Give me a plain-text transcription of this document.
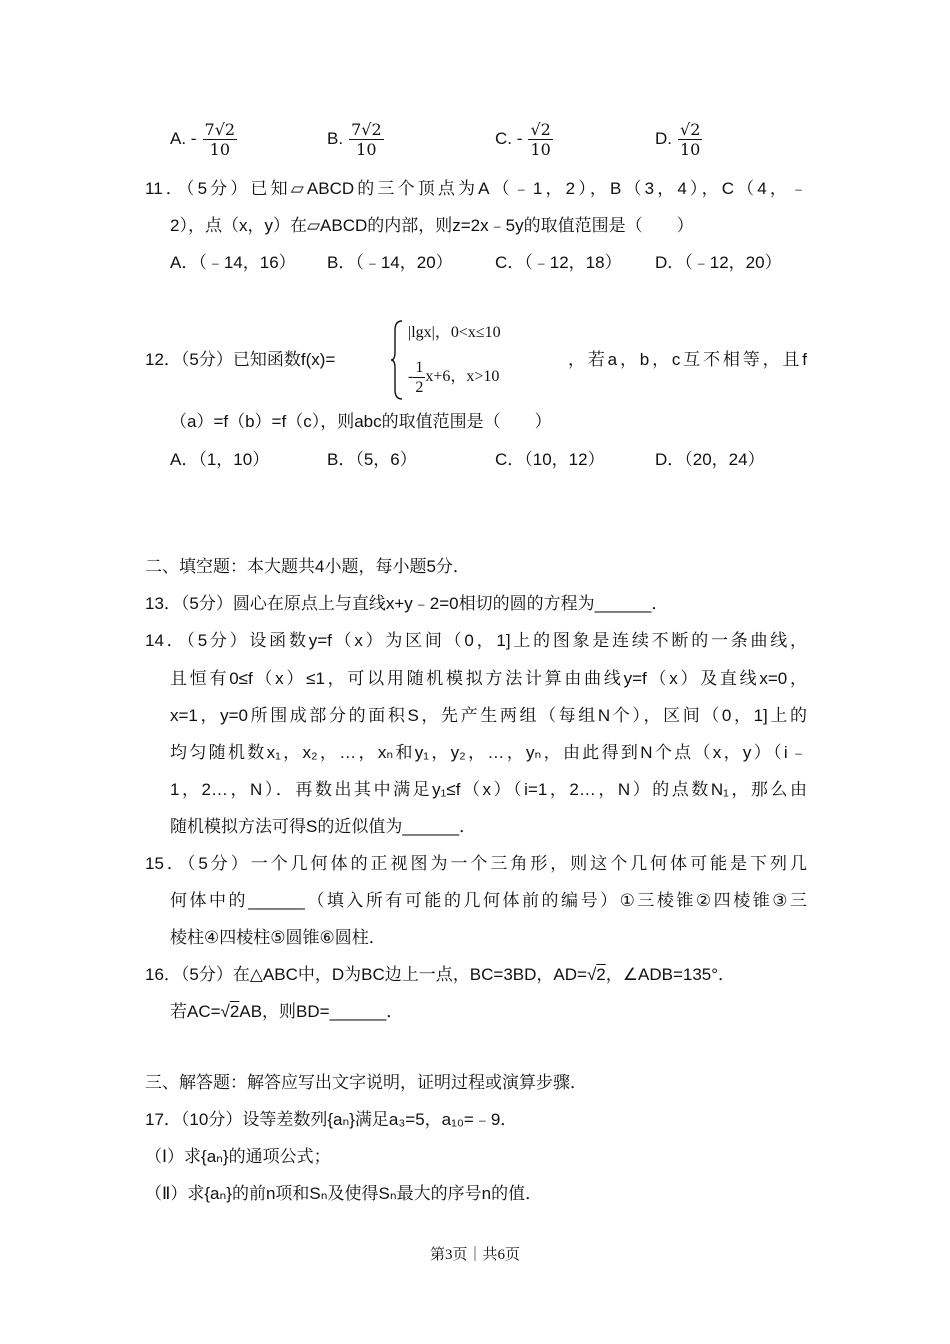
A. - $\frac{7√2}{10}$	B. $\frac{7√2}{10}$	C. - $\frac{√2}{10}$	D. $\frac{√2}{10}$
11．（5分）已知▱ABCD的三个顶点为A（﹣1，2），B（3，4），C（4，﹣
2），点（x，y）在▱ABCD的内部，则z=2x﹣5y的取值范围是（　　）
A．（﹣14，16） B．（﹣14，20） C．（﹣12，18） D．（﹣12，20）
12．（5分）已知函数f(x)=
|lgx|，0<x≤10
- $\frac{1}{2} x+6$，x>10
，若a，b，c互不相等，且f
（a）=f（b）=f（c），则abc的取值范围是（　　）
A．（1，10）	B．（5，6）	C．（10，12）	D．（20，24）
二、填空题：本大题共4小题，每小题5分．
13．（5分）圆心在原点上与直线x+y﹣2=0相切的圆的方程为______．
14．（5分）设函数y=f（x）为区间（0，1]上的图象是连续不断的一条曲线，
且恒有0≤f（x）≤1，可以用随机模拟方法计算由曲线y=f（x）及直线x=0，
x=1，y=0所围成部分的面积S，先产生两组（每组N个），区间（0，1]上的
均匀随机数x₁，x₂，…，xₙ和y₁，y₂，…，yₙ，由此得到N个点（x，y）（i﹣
1，2…，N）．再数出其中满足y₁≤f（x）（i=1，2…，N）的点数N₁，那么由
随机模拟方法可得S的近似值为______．
15．（5分）一个几何体的正视图为一个三角形，则这个几何体可能是下列几
何体中的______（填入所有可能的几何体前的编号）①三棱锥②四棱锥③三
棱柱④四棱柱⑤圆锥⑥圆柱．
16．（5分）在△ABC中，D为BC边上一点，BC=3BD，AD=√2，∠ADB=135°．
若AC=√2AB，则BD=______．
三、解答题：解答应写出文字说明，证明过程或演算步骤．
17．（10分）设等差数列{aₙ}满足a₃=5，a₁₀=﹣9．
（Ⅰ）求{aₙ}的通项公式；
（Ⅱ）求{aₙ}的前n项和Sₙ及使得Sₙ最大的序号n的值．
第3页｜共6页
